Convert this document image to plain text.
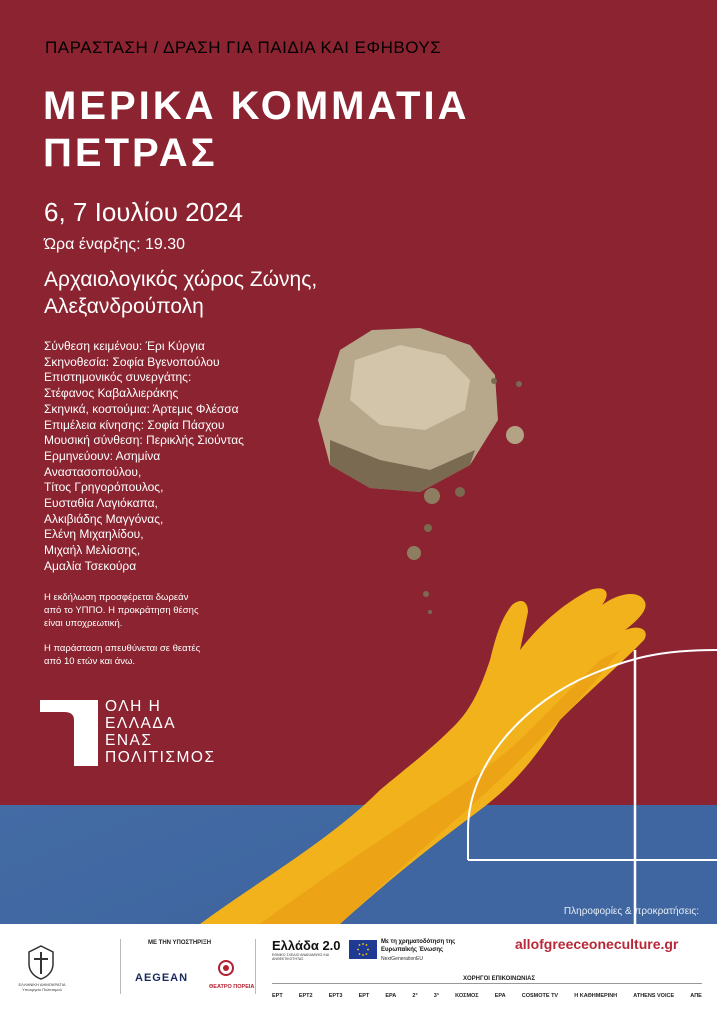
ΠΑΡΑΣΤΑΣΗ / ΔΡΑΣΗ ΓΙΑ ΠΑΙΔΙΑ ΚΑΙ ΕΦΗΒΟΥΣ
ΜΕΡΙΚΑ ΚΟΜΜΑΤΙΑ
ΠΕΤΡΑΣ
6, 7 Ιουλίου 2024
Ώρα έναρξης: 19.30
Αρχαιολογικός χώρος Ζώνης,
Αλεξανδρούπολη
Σύνθεση κειμένου: Έρι Κύργια
Σκηνοθεσία: Σοφία Βγενοπούλου
Επιστημονικός συνεργάτης:
Στέφανος Καβαλλιεράκης
Σκηνικά, κοστούμια: Άρτεμις Φλέσσα
Επιμέλεια κίνησης: Σοφία Πάσχου
Μουσική σύνθεση: Περικλής Σιούντας
Ερμηνεύουν: Ασημίνα
Αναστασοπούλου,
Τίτος Γρηγορόπουλος,
Ευσταθία Λαγιόκαπα,
Αλκιβιάδης Μαγγόνας,
Ελένη Μιχαηλίδου,
Μιχαήλ Μελίσσης,
Αμαλία Τσεκούρα
Η εκδήλωση προσφέρεται δωρεάν
από το ΥΠΠΟ. Η προκράτηση θέσης
είναι υποχρεωτική.
Η παράσταση απευθύνεται σε θεατές
από 10 ετών και άνω.
ΟΛΗ Η
ΕΛΛΑΔΑ
ΕΝΑΣ
ΠΟΛΙΤΙΣΜΟΣ
Πληροφορίες & προκρατήσεις:
ΕΛΛΗΝΙΚΗ ΔΗΜΟΚΡΑΤΙΑ Υπουργείο Πολιτισμού
ΜΕ ΤΗΝ ΥΠΟΣΤΗΡΙΞΗ
AEGEAN
ΘΕΑΤΡΟ ΠΟΡΕΙΑ
Ελλάδα 2.0
ΕΘΝΙΚΟ ΣΧΕΔΙΟ ΑΝΑΚΑΜΨΗΣ ΚΑΙ ΑΝΘΕΚΤΙΚΟΤΗΤΑΣ
Με τη χρηματοδότηση της Ευρωπαϊκής Ένωσης
NextGenerationEU
allofgreeceoneculture.gr
ΧΟΡΗΓΟΙ ΕΠΙΚΟΙΝΩΝΙΑΣ
ΕΡΤ	ΕΡΤ2	ΕΡΤ3	ΕΡΤ	ΕΡΑ	2°	3°	ΚΟΣΜΟΣ	ΕΡΑ	COSMOTE TV	Η ΚΑΘΗΜΕΡΙΝΗ	ATHENS VOICE	ΑΠΕ
